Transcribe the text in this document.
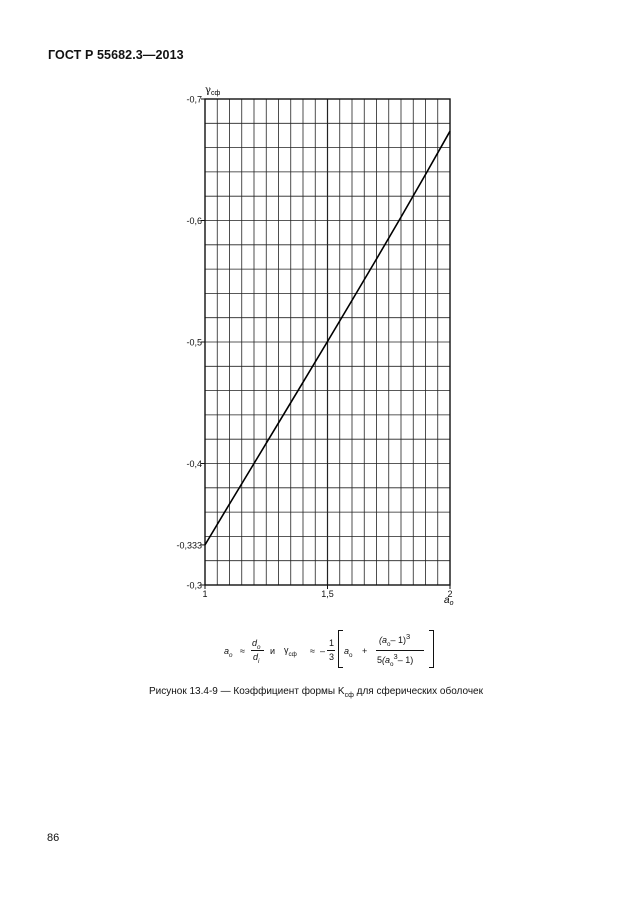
ГОСТ Р 55682.3—2013
-0,7
-0,6
-0,5
-0,4
-0,333
-0,3
1	1,5	2
$\gamma_{сф}$
$a_o$
$a_o$ ≈
$d_o$
$d_i$
и $\gamma_{сф}$ ≈ –
1
3
$a_o$ +
($a_o-$ 1)$^3$
$5(a_o^3-$ 1)
Рисунок 13.4-9 — Коэффициент формы $K_{сф}$ для сферических оболочек
86
